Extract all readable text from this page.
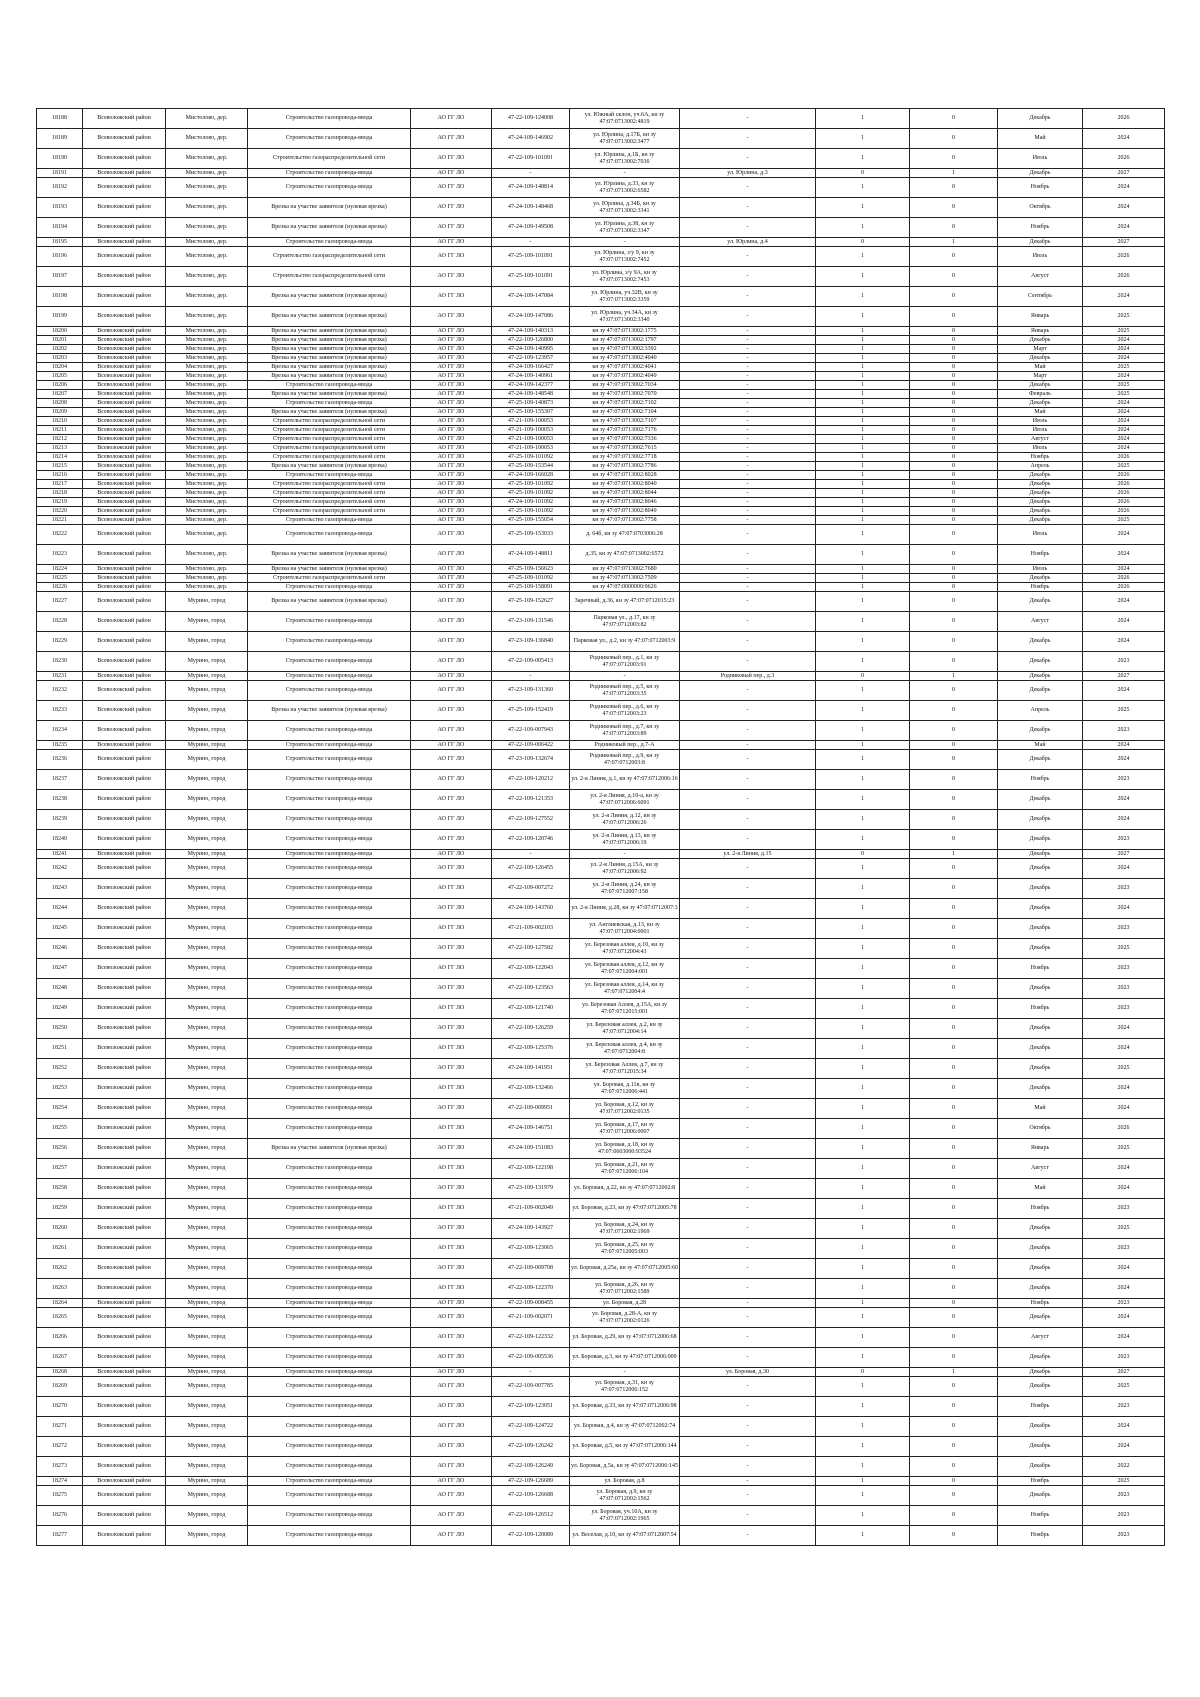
18188	Всеволожский район	Мистолово, дер.	Строительство газопровода-ввода	АО ГГ ЛО	47-22-109-124008	ул. Южный склон, уч.6А, кн зу 47:07:0713002:4819	-	1	0	Декабрь	2026
18189	Всеволожский район	Мистолово, дер.	Строительство газопровода-ввода	АО ГГ ЛО	47-24-109-146902	ул. Юрлина, д.17Б, кн зу 47:07:0713002:3477	-	1	0	Май	2024
18190	Всеволожский район	Мистолово, дер.	Строительство газораспределительной сети	АО ГГ ЛО	47-22-109-101091	ул. Юрлина, д.1Б, кн зу 47:07:0713002:7036	-	1	0	Июль	2026
18191	Всеволожский район	Мистолово, дер.	Строительство газопровода-ввода	АО ГГ ЛО	-	-	ул. Юрлина, д.3	0	1	Декабрь	2027
18192	Всеволожский район	Мистолово, дер.	Строительство газопровода-ввода	АО ГГ ЛО	47-24-109-148814	ул. Юрлина, д.33, кн зу 47:07:0713002:6582	-	1	0	Ноябрь	2024
18193	Всеволожский район	Мистолово, дер.	Врезка на участке заявителя (нулевая врезка)	АО ГГ ЛО	47-24-109-148468	ул. Юрлина, д.34Б, кн зу 47:07:0713002:3341	-	1	0	Октябрь	2024
18194	Всеволожский район	Мистолово, дер.	Врезка на участке заявителя (нулевая врезка)	АО ГГ ЛО	47-24-109-149508	ул. Юрлина, д.38, кн зу 47:07:0713002:3347	-	1	0	Ноябрь	2024
18195	Всеволожский район	Мистолово, дер.	Строительство газопровода-ввода	АО ГГ ЛО	-	-	ул. Юрлина, д.4	0	1	Декабрь	2027
18196	Всеволожский район	Мистолово, дер.	Строительство газораспределительной сети	АО ГГ ЛО	47-25-109-101091	ул. Юрлина, з/у 9, кн зу 47:07:0713002:7452	-	1	0	Июль	2026
18197	Всеволожский район	Мистолово, дер.	Строительство газораспределительной сети	АО ГГ ЛО	47-25-109-101091	ул. Юрлина, з/у 9А, кн зу 47:07:0713002:7453	-	1	0	Август	2026
18198	Всеволожский район	Мистолово, дер.	Врезка на участке заявителя (нулевая врезка)	АО ГГ ЛО	47-24-109-147084	ул. Юрлина, уч.32В, кн зу 47:07:0713002:3359	-	1	0	Сентябрь	2024
18199	Всеволожский район	Мистолово, дер.	Врезка на участке заявителя (нулевая врезка)	АО ГГ ЛО	47-24-109-147086	ул. Юрлина, уч.34А, кн зу 47:07:0713002:3340	-	1	0	Январь	2025
18200	Всеволожский район	Мистолово, дер.	Врезка на участке заявителя (нулевая врезка)	АО ГГ ЛО	47-24-109-140313	кн зу 47:07:0713002:1775	-	1	0	Январь	2025
18201	Всеволожский район	Мистолово, дер.	Врезка на участке заявителя (нулевая врезка)	АО ГГ ЛО	47-22-109-126800	кн зу 47:07:0713002:1797	-	1	0	Декабрь	2024
18202	Всеволожский район	Мистолово, дер.	Врезка на участке заявителя (нулевая врезка)	АО ГГ ЛО	47-24-109-140995	кн зу 47:07:0713002:3392	-	1	0	Март	2024
18203	Всеволожский район	Мистолово, дер.	Врезка на участке заявителя (нулевая врезка)	АО ГГ ЛО	47-22-109-123957	кн зу 47:07:0713002:4040	-	1	0	Декабрь	2024
18204	Всеволожский район	Мистолово, дер.	Врезка на участке заявителя (нулевая врезка)	АО ГГ ЛО	47-24-109-166427	кн зу 47:07:0713002:4041	-	1	0	Май	2025
18205	Всеволожский район	Мистолово, дер.	Врезка на участке заявителя (нулевая врезка)	АО ГГ ЛО	47-24-109-140961	кн зу 47:07:0713002:4049	-	1	0	Март	2024
18206	Всеволожский район	Мистолово, дер.	Строительство газопровода-ввода	АО ГГ ЛО	47-24-109-142377	кн зу 47:07:0713002:7034	-	1	0	Декабрь	2025
18207	Всеволожский район	Мистолово, дер.	Врезка на участке заявителя (нулевая врезка)	АО ГГ ЛО	47-24-109-148548	кн зу 47:07:0713002:7070	-	1	0	Февраль	2025
18208	Всеволожский район	Мистолово, дер.	Строительство газопровода-ввода	АО ГГ ЛО	47-25-109-140873	кн зу 47:07:0713002:7102	-	1	0	Декабрь	2024
18209	Всеволожский район	Мистолово, дер.	Врезка на участке заявителя (нулевая врезка)	АО ГГ ЛО	47-25-109-155307	кн зу 47:07:0713002:7104	-	1	0	Май	2024
18210	Всеволожский район	Мистолово, дер.	Строительство газораспределительной сети	АО ГГ ЛО	47-21-109-100053	кн зу 47:07:0713002:7107	-	1	0	Июль	2024
18211	Всеволожский район	Мистолово, дер.	Строительство газораспределительной сети	АО ГГ ЛО	47-21-109-100053	кн зу 47:07:0713002:7176	-	1	0	Июль	2024
18212	Всеволожский район	Мистолово, дер.	Строительство газораспределительной сети	АО ГГ ЛО	47-21-109-100053	кн зу 47:07:0713002:7336	-	1	0	Август	2024
18213	Всеволожский район	Мистолово, дер.	Строительство газораспределительной сети	АО ГГ ЛО	47-21-109-100053	кн зу 47:07:0713002:7615	-	1	0	Июль	2024
18214	Всеволожский район	Мистолово, дер.	Строительство газораспределительной сети	АО ГГ ЛО	47-25-109-101092	кн зу 47:07:0713002:7718	-	1	0	Ноябрь	2026
18215	Всеволожский район	Мистолово, дер.	Врезка на участке заявителя (нулевая врезка)	АО ГГ ЛО	47-25-109-153544	кн зу 47:07:0713002:7786	-	1	0	Апрель	2025
18216	Всеволожский район	Мистолово, дер.	Строительство газопровода-ввода	АО ГГ ЛО	47-24-109-166028	кн зу 47:07:0713002:8028	-	1	0	Декабрь	2026
18217	Всеволожский район	Мистолово, дер.	Строительство газораспределительной сети	АО ГГ ЛО	47-25-109-101092	кн зу 47:07:0713002:8040	-	1	0	Декабрь	2026
18218	Всеволожский район	Мистолово, дер.	Строительство газораспределительной сети	АО ГГ ЛО	47-25-109-101092	кн зу 47:07:0713002:8044	-	1	0	Декабрь	2026
18219	Всеволожский район	Мистолово, дер.	Строительство газораспределительной сети	АО ГГ ЛО	47-24-109-101092	кн зу 47:07:0713002:8046	-	1	0	Декабрь	2026
18220	Всеволожский район	Мистолово, дер.	Строительство газораспределительной сети	АО ГГ ЛО	47-25-109-101092	кн зу 47:07:0713002:8049	-	1	0	Декабрь	2026
18221	Всеволожский район	Мистолово, дер.	Строительство газопровода-ввода	АО ГГ ЛО	47-25-109-155054	кн зу 47:07:0713002:7758	-	1	0	Декабрь	2025
18222	Всеволожский район	Мистолово, дер.	Строительство газопровода-ввода	АО ГГ ЛО	47-25-109-153033	д. 64б, кн зу 47:07:0703006:28	-	1	0	Июль	2024
18223	Всеволожский район	Мистолово, дер.	Врезка на участке заявителя (нулевая врезка)	АО ГГ ЛО	47-24-109-148811	д.35, кн зу 47:07:0713002:6572	-	1	0	Ноябрь	2024
18224	Всеволожский район	Мистолово, дер.	Врезка на участке заявителя (нулевая врезка)	АО ГГ ЛО	47-25-109-156623	кн зу 47:07:0713002:7680	-	1	0	Июль	2024
18225	Всеволожский район	Мистолово, дер.	Строительство газораспределительной сети	АО ГГ ЛО	47-25-109-101092	кн зу 47:07:0713002:7509	-	1	0	Декабрь	2026
18226	Всеволожский район	Мистолово, дер.	Строительство газопровода-ввода	АО ГГ ЛО	47-25-109-158091	кн зу 47:07:0000000:9626	-	1	0	Ноябрь	2026
18227	Всеволожский район	Мурино, город	Врезка на участке заявителя (нулевая врезка)	АО ГГ ЛО	47-25-109-152627	Заречный, д.36, кн зу 47:07:0712015:23	-	1	0	Декабрь	2024
18228	Всеволожский район	Мурино, город	Строительство газопровода-ввода	АО ГГ ЛО	47-23-109-131546	Парковая ул., д.17, кн зу 47:07:0712003:82	-	1	0	Август	2024
18229	Всеволожский район	Мурино, город	Строительство газопровода-ввода	АО ГГ ЛО	47-23-109-136840	Парковая ул., д.2, кн зу 47:07:0712003:9	-	1	0	Декабрь	2024
18230	Всеволожский район	Мурино, город	Строительство газопровода-ввода	АО ГГ ЛО	47-22-109-005413	Родниковый пер., д.1, кн зу 47:07:0712003:91	-	1	0	Декабрь	2023
18231	Всеволожский район	Мурино, город	Строительство газопровода-ввода	АО ГГ ЛО	-	-	Родниковый пер., д.3	0	1	Декабрь	2027
18232	Всеволожский район	Мурино, город	Строительство газопровода-ввода	АО ГГ ЛО	47-23-109-131360	Родниковый пер., д.5, кн зу 47:07:0712003:35	-	1	0	Декабрь	2024
18233	Всеволожский район	Мурино, город	Врезка на участке заявителя (нулевая врезка)	АО ГГ ЛО	47-25-109-152419	Родниковый пер., д.6, кн зу 47:07:0712003:23	-	1	0	Апрель	2025
18234	Всеволожский район	Мурино, город	Строительство газопровода-ввода	АО ГГ ЛО	47-22-109-007943	Родниковый пер., д.7, кн зу 47:07:0712003:89	-	1	0	Декабрь	2023
18235	Всеволожский район	Мурино, город	Строительство газопровода-ввода	АО ГГ ЛО	47-22-109-006422	Родниковый пер., д.7-А	-	1	0	Май	2024
18236	Всеволожский район	Мурино, город	Строительство газопровода-ввода	АО ГГ ЛО	47-23-109-132674	Родниковый пер., д.9, кн зу 47:07:0712003:8	-	1	0	Декабрь	2024
18237	Всеволожский район	Мурино, город	Строительство газопровода-ввода	АО ГГ ЛО	47-22-109-120212	ул. 2-я Линия, д.1, кн зу 47:07:0712006:16	-	1	0	Ноябрь	2023
18238	Всеволожский район	Мурино, город	Строительство газопровода-ввода	АО ГГ ЛО	47-22-109-121353	ул. 2-я Линия, д.10-а, кн зу 47:07:0712006:6091	-	1	0	Декабрь	2024
18239	Всеволожский район	Мурино, город	Строительство газопровода-ввода	АО ГГ ЛО	47-22-109-127552	ул. 2-я Линия, д.12, кн зу 47:07:0712006:26	-	1	0	Декабрь	2024
18240	Всеволожский район	Мурино, город	Строительство газопровода-ввода	АО ГГ ЛО	47-22-109-120746	ул. 2-я Линия, д.13, кн зу 47:07:0712006:19	-	1	0	Декабрь	2023
18241	Всеволожский район	Мурино, город	Строительство газопровода-ввода	АО ГГ ЛО	-	-	ул. 2-я Линия, д.15	0	1	Декабрь	2027
18242	Всеволожский район	Мурино, город	Строительство газопровода-ввода	АО ГГ ЛО	47-22-109-126455	ул. 2-я Линия, д.15А, кн зу 47:07:0712006:92	-	1	0	Декабрь	2024
18243	Всеволожский район	Мурино, город	Строительство газопровода-ввода	АО ГГ ЛО	47-22-109-007272	ул. 2-я Линия, д.24, кн зу 47:07:0712007:158	-	1	0	Декабрь	2023
18244	Всеволожский район	Мурино, город	Строительство газопровода-ввода	АО ГГ ЛО	47-24-109-143760	ул. 2-я Линия, д.28, кн зу 47:07:0712007:3	-	1	0	Декабрь	2024
18245	Всеволожский район	Мурино, город	Строительство газопровода-ввода	АО ГГ ЛО	47-21-109-002103	ул. Англиевская, д.13, кн зу 47:07:0712004:0001	-	1	0	Декабрь	2023
18246	Всеволожский район	Мурино, город	Строительство газопровода-ввода	АО ГГ ЛО	47-22-109-127582	ул. Березовая аллея, д.10, кн зу 47:07:0712004:43	-	1	0	Декабрь	2025
18247	Всеволожский район	Мурино, город	Строительство газопровода-ввода	АО ГГ ЛО	47-22-109-122043	ул. Березовая аллея, д.12, кн зу 47:07:0712004:001	-	1	0	Ноябрь	2023
18248	Всеволожский район	Мурино, город	Строительство газопровода-ввода	АО ГГ ЛО	47-22-109-123563	ул. Березовая аллея, д.14, кн зу 47:07:0712004:4	-	1	0	Декабрь	2023
18249	Всеволожский район	Мурино, город	Строительство газопровода-ввода	АО ГГ ЛО	47-22-109-121740	ул. Березовая Аллея, д.15А, кн зу 47:07:0712015:001	-	1	0	Ноябрь	2023
18250	Всеволожский район	Мурино, город	Строительство газопровода-ввода	АО ГГ ЛО	47-22-109-126259	ул. Березовая аллея, д.2, кн зу 47:07:0712004:14	-	1	0	Декабрь	2024
18251	Всеволожский район	Мурино, город	Строительство газопровода-ввода	АО ГГ ЛО	47-22-109-125376	ул. Березовая аллея, д.4, кн зу 47:07:0712004:8	-	1	0	Декабрь	2024
18252	Всеволожский район	Мурино, город	Строительство газопровода-ввода	АО ГГ ЛО	47-24-109-141951	ул. Березовая Аллея, д.7, кн зу 47:07:0712015:34	-	1	0	Декабрь	2025
18253	Всеволожский район	Мурино, город	Строительство газопровода-ввода	АО ГГ ЛО	47-22-109-132466	ул. Боровая, д.11в, кн зу 47:07:0712006:441	-	1	0	Декабрь	2024
18254	Всеволожский район	Мурино, город	Строительство газопровода-ввода	АО ГГ ЛО	47-22-109-009951	ул. Боровая, д.12, кн зу 47:07:0712002:0135	-	1	0	Май	2024
18255	Всеволожский район	Мурино, город	Строительство газопровода-ввода	АО ГГ ЛО	47-24-109-146751	ул. Боровая, д.17, кн зу 47:07:0712006:0007	-	1	0	Октябрь	2026
18256	Всеволожский район	Мурино, город	Врезка на участке заявителя (нулевая врезка)	АО ГГ ЛО	47-24-109-151083	ул. Боровая, д.18, кн зу 47:07:0603000:93524	-	1	0	Январь	2025
18257	Всеволожский район	Мурино, город	Строительство газопровода-ввода	АО ГГ ЛО	47-22-109-122198	ул. Боровая, д.21, кн зу 47:07:0712006:104	-	1	0	Август	2024
18258	Всеволожский район	Мурино, город	Строительство газопровода-ввода	АО ГГ ЛО	47-23-109-131979	ул. Боровая, д.22, кн зу 47:07:0712002:8	-	1	0	Май	2024
18259	Всеволожский район	Мурино, город	Строительство газопровода-ввода	АО ГГ ЛО	47-21-109-002049	ул. Боровая, д.23, кн зу 47:07:0712005:78	-	1	0	Ноябрь	2023
18260	Всеволожский район	Мурино, город	Строительство газопровода-ввода	АО ГГ ЛО	47-24-109-143927	ул. Боровая, д.24, кн зу 47:07:0712002:1969	-	1	0	Декабрь	2025
18261	Всеволожский район	Мурино, город	Строительство газопровода-ввода	АО ГГ ЛО	47-22-109-123065	ул. Боровая, д.25, кн зу 47:07:0712005:003	-	1	0	Декабрь	2023
18262	Всеволожский район	Мурино, город	Строительство газопровода-ввода	АО ГГ ЛО	47-22-109-009708	ул. Боровая, д.25а, кн зу 47:07:0712005:60	-	1	0	Декабрь	2024
18263	Всеволожский район	Мурино, город	Строительство газопровода-ввода	АО ГГ ЛО	47-22-109-122370	ул. Боровая, д.26, кн зу 47:07:0712002:1589	-	1	0	Декабрь	2024
18264	Всеволожский район	Мурино, город	Строительство газопровода-ввода	АО ГГ ЛО	47-22-109-008455	ул. Боровая, д.28	-	1	0	Ноябрь	2023
18265	Всеволожский район	Мурино, город	Строительство газопровода-ввода	АО ГГ ЛО	47-21-109-002071	ул. Боровая, д.28-А, кн зу 47:07:0712002:0126	-	1	0	Декабрь	2024
18266	Всеволожский район	Мурино, город	Строительство газопровода-ввода	АО ГГ ЛО	47-22-109-122332	ул. Боровая, д.29, кн зу 47:07:0712006:68	-	1	0	Август	2024
18267	Всеволожский район	Мурино, город	Строительство газопровода-ввода	АО ГГ ЛО	47-22-109-005536	ул. Боровая, д.3, кн зу 47:07:0712006:009	-	1	0	Декабрь	2023
18268	Всеволожский район	Мурино, город	Строительство газопровода-ввода	АО ГГ ЛО	-	-	ул. Боровая, д.30	0	1	Декабрь	2027
18269	Всеволожский район	Мурино, город	Строительство газопровода-ввода	АО ГГ ЛО	47-22-109-007785	ул. Боровая, д.31, кн зу 47:07:0712006:152	-	1	0	Декабрь	2025
18270	Всеволожский район	Мурино, город	Строительство газопровода-ввода	АО ГГ ЛО	47-22-109-123051	ул. Боровая, д.33, кн зу 47:07:0712006:98	-	1	0	Ноябрь	2023
18271	Всеволожский район	Мурино, город	Строительство газопровода-ввода	АО ГГ ЛО	47-22-109-124722	ул. Боровая, д.4, кн зу 47:07:0712002:74	-	1	0	Декабрь	2024
18272	Всеволожский район	Мурино, город	Строительство газопровода-ввода	АО ГГ ЛО	47-22-109-126242	ул. Боровая, д.5, кн зу 47:07:0712006:144	-	1	0	Декабрь	2024
18273	Всеволожский район	Мурино, город	Строительство газопровода-ввода	АО ГГ ЛО	47-22-109-126249	ул. Боровая, д.5а, кн зу 47:07:0712006:145	-	1	0	Декабрь	2022
18274	Всеволожский район	Мурино, город	Строительство газопровода-ввода	АО ГГ ЛО	47-22-109-126689	ул. Боровая, д.8	-	1	0	Ноябрь	2025
18275	Всеволожский район	Мурино, город	Строительство газопровода-ввода	АО ГГ ЛО	47-22-109-126688	ул. Боровая, д.9, кн зу 47:07:0712002:1562	-	1	0	Декабрь	2023
18276	Всеволожский район	Мурино, город	Строительство газопровода-ввода	АО ГГ ЛО	47-22-109-126512	ул. Боровая, уч.10А, кн зу 47:07:0712002:1965	-	1	0	Ноябрь	2023
18277	Всеволожский район	Мурино, город	Строительство газопровода-ввода	АО ГГ ЛО	47-22-109-120089	ул. Веселая, д.10, кн зу 47:07:0712007:54	-	1	0	Ноябрь	2023
